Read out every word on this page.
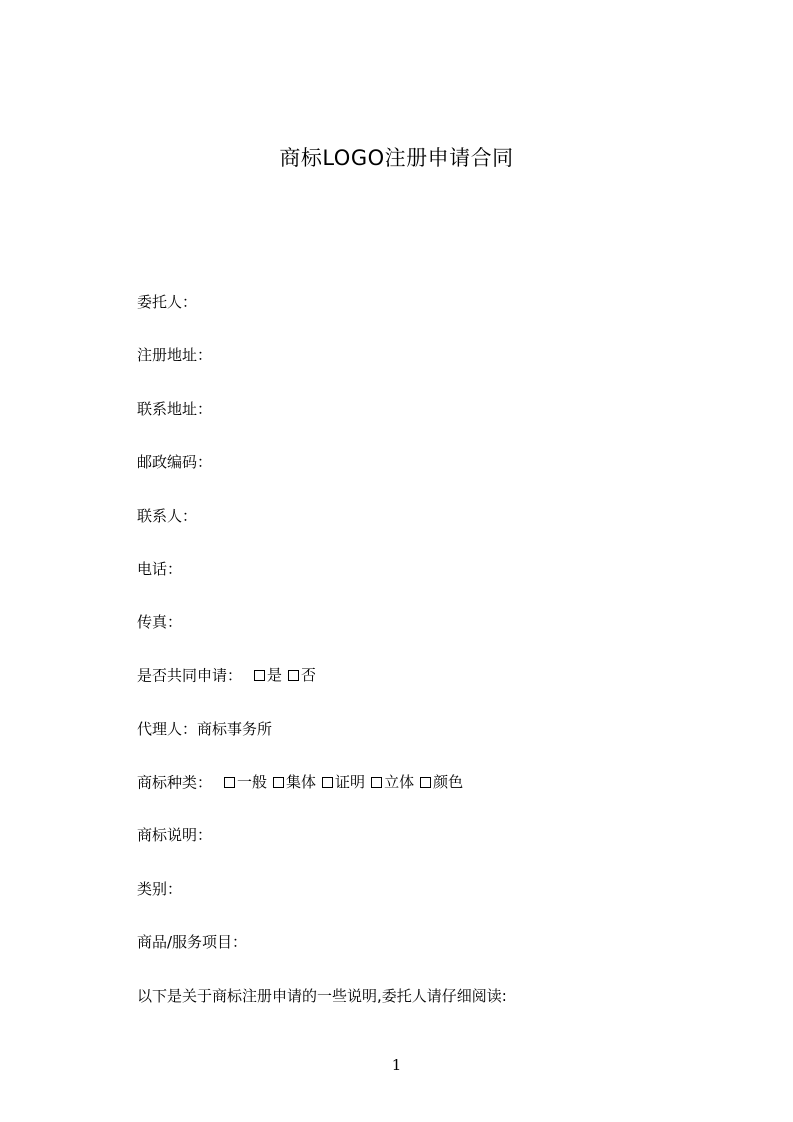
商标LOGO注册申请合同
委托人：
注册地址：
联系地址：
邮政编码：
联系人：
电话：
传真：
是否共同申请： 是 否
代理人：商标事务所
商标种类： 一般 集体 证明 立体 颜色
商标说明：
类别：
商品/服务项目：
以下是关于商标注册申请的一些说明,委托人请仔细阅读:
1
